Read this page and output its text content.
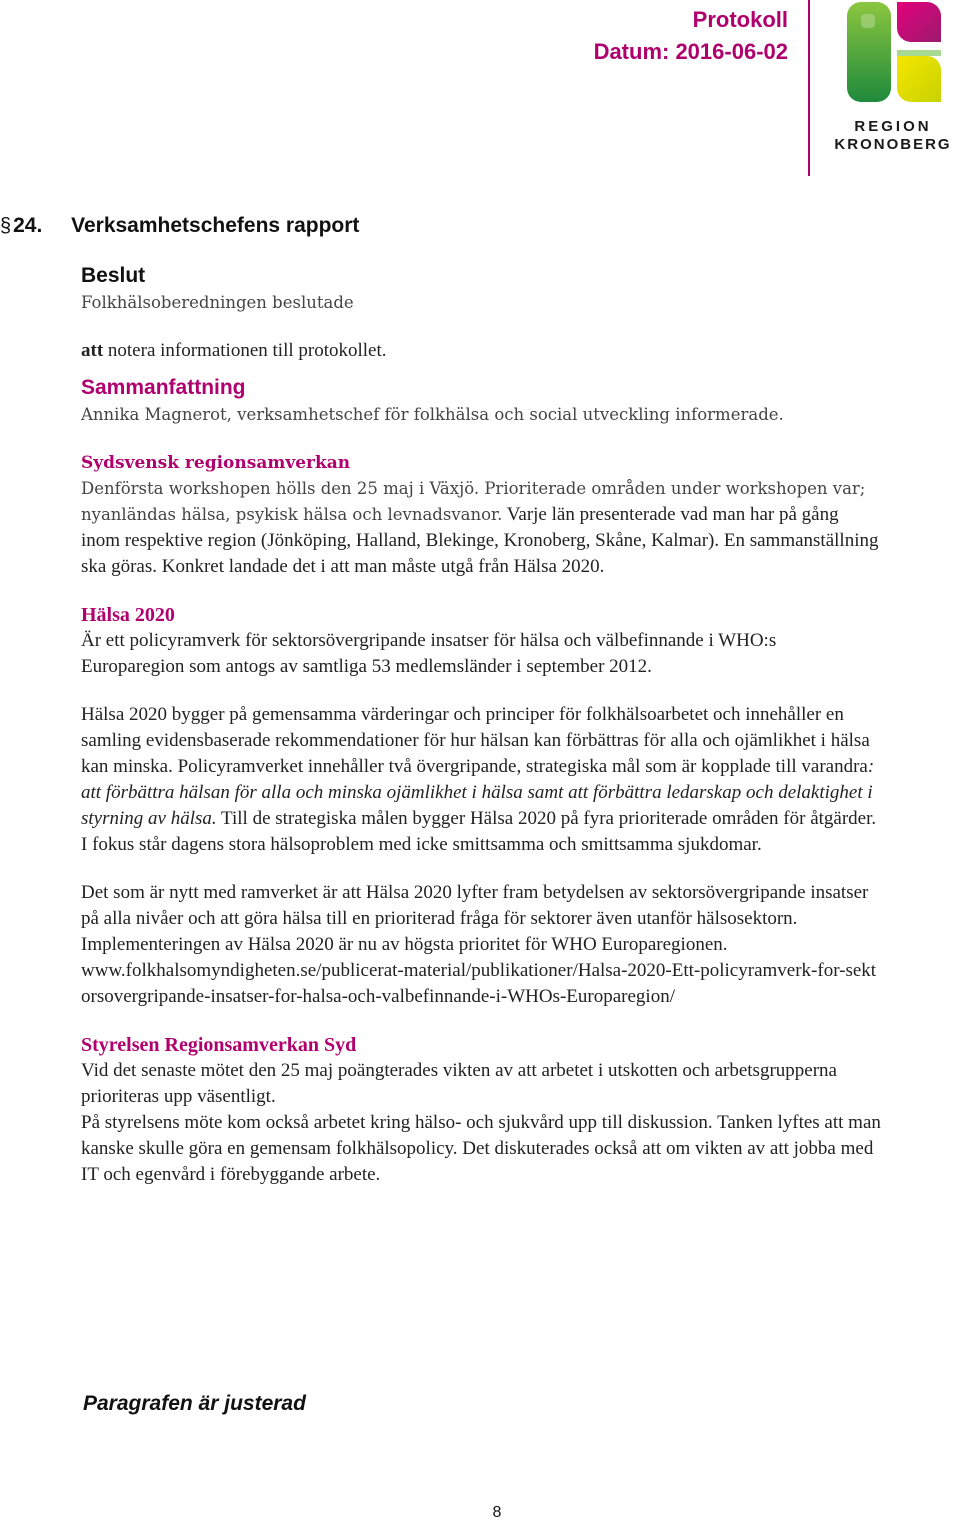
Protokoll
Datum: 2016-06-02
REGION
KRONOBERG
§24. Verksamhetschefens rapport
Beslut

Folkhälsoberedningen beslutade

att notera informationen till protokollet.

Sammanfattning

Annika Magnerot, verksamhetschef för folkhälsa och social utveckling informerade.

Sydsvensk regionsamverkan

Denförsta workshopen hölls den 25 maj i Växjö. Prioriterade områden under workshopen var; nyanländas hälsa, psykisk hälsa och levnadsvanor. Varje län presenterade vad man har på gång inom respektive region (Jönköping, Halland, Blekinge, Kronoberg, Skåne, Kalmar). En sammanställning ska göras. Konkret landade det i att man måste utgå från Hälsa 2020.

Hälsa 2020

Är ett policyramverk för sektorsövergripande insatser för hälsa och välbefinnande i WHO:s Europaregion som antogs av samtliga 53 medlemsländer i september 2012.

Hälsa 2020 bygger på gemensamma värderingar och principer för folkhälsoarbetet och innehåller en samling evidensbaserade rekommendationer för hur hälsan kan förbättras för alla och ojämlikhet i hälsa kan minska. Policyramverket innehåller två övergripande, strategiska mål som är kopplade till varandra: att förbättra hälsan för alla och minska ojämlikhet i hälsa samt att förbättra ledarskap och delaktighet i styrning av hälsa. Till de strategiska målen bygger Hälsa 2020 på fyra prioriterade områden för åtgärder. I fokus står dagens stora hälsoproblem med icke smittsamma och smittsamma sjukdomar.

Det som är nytt med ramverket är att Hälsa 2020 lyfter fram betydelsen av sektorsövergripande insatser på alla nivåer och att göra hälsa till en prioriterad fråga för sektorer även utanför hälsosektorn. Implementeringen av Hälsa 2020 är nu av högsta prioritet för WHO Europaregionen.

www.folkhalsomyndigheten.se/publicerat-material/publikationer/Halsa-2020-Ett-policyramverk-for-sektorsovergripande-insatser-for-halsa-och-valbefinnande-i-WHOs-Europaregion/

Styrelsen Regionsamverkan Syd

Vid det senaste mötet den 25 maj poängterades vikten av att arbetet i utskotten och arbetsgrupperna prioriteras upp väsentligt.

På styrelsens möte kom också arbetet kring hälso- och sjukvård upp till diskussion. Tanken lyftes att man kanske skulle göra en gemensam folkhälsopolicy. Det diskuterades också att om vikten av att jobba med IT och egenvård i förebyggande arbete.

Paragrafen är justerad
8
